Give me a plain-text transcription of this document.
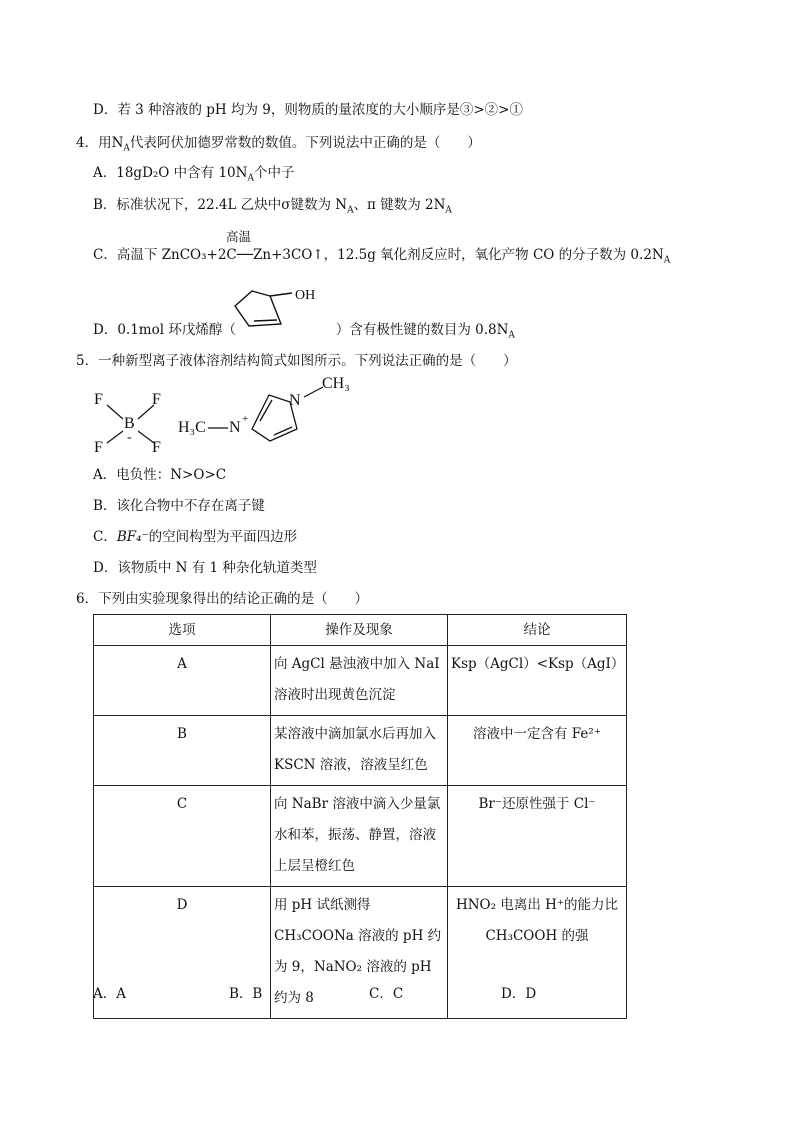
D．若 3 种溶液的 pH 均为 9，则物质的量浓度的大小顺序是③>②>①
4．用$N_A$代表阿伏加德罗常数的数值。下列说法中正确的是（　　）
A．18gD₂O 中含有 $10N_A$个中子
B．标准状况下，22.4L 乙炔中σ键数为 $N_A$、π 键数为 $2N_A$
高温
C．高温下 ZnCO₃+2C──Zn+3CO↑，12.5g 氧化剂反应时，氧化产物 CO 的分子数为 $0.2N_A$
OH
D．0.1mol 环戊烯醇（	）含有极性键的数目为 $0.8N_A$
5．一种新型离子液体溶剂结构简式如图所示。下列说法正确的是（　　）
F	F
F	F
B
-
H₃C N +
N
CH₃
A．电负性：N>O>C
B．该化合物中不存在离子键
C．BF₄⁻的空间构型为平面四边形
D．该物质中 N 有 1 种杂化轨道类型
6．下列由实验现象得出的结论正确的是（　　）
选项	操作及现象	结论
A	向 AgCl 悬浊液中加入 NaI 溶液时出现黄色沉淀	Ksp（AgCl）<Ksp（AgI）
B	某溶液中滴加氯水后再加入 KSCN 溶液，溶液呈红色	溶液中一定含有 Fe²⁺
C	向 NaBr 溶液中滴入少量氯水和苯，振荡、静置，溶液上层呈橙红色	Br⁻还原性强于 Cl⁻
D	用 pH 试纸测得 CH₃COONa 溶液的 pH 约为 9，NaNO₂ 溶液的 pH 约为 8	HNO₂ 电离出 H⁺的能力比 CH₃COOH 的强
A．A	B．B	C．C	D．D
